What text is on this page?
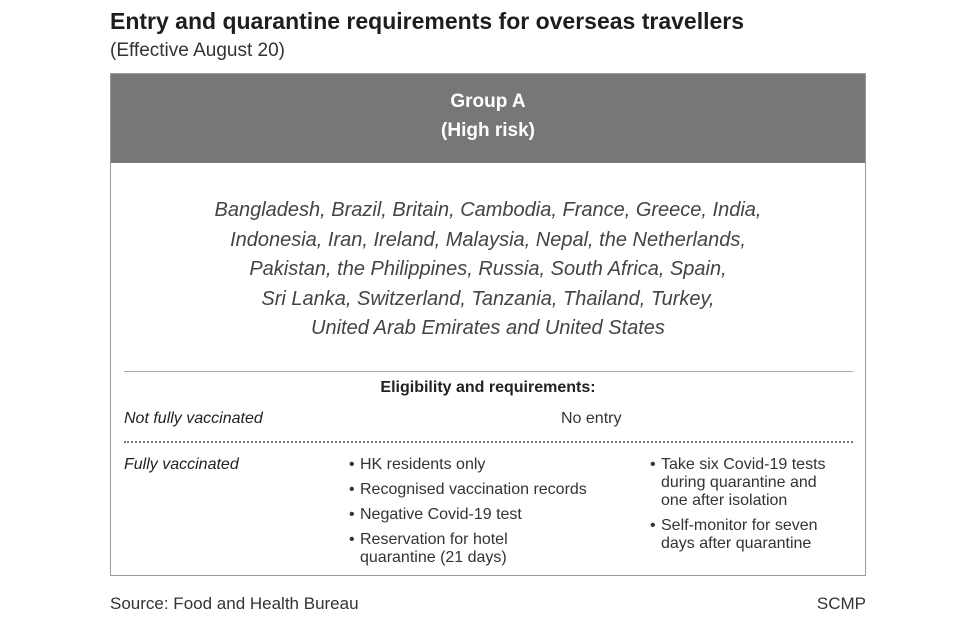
Entry and quarantine requirements for overseas travellers
(Effective August 20)
Group A
(High risk)
Bangladesh, Brazil, Britain, Cambodia, France, Greece, India,
Indonesia, Iran, Ireland, Malaysia, Nepal, the Netherlands,
Pakistan, the Philippines, Russia, South Africa, Spain,
Sri Lanka, Switzerland, Tanzania, Thailand, Turkey,
United Arab Emirates and United States
Eligibility and requirements:
Not fully vaccinated	No entry
Fully vaccinated
•	HK residents only
• Recognised vaccination records
• Negative Covid-19 test
• Reservation for hotel quarantine (21 days)
• Take six Covid-19 tests during quarantine and one after isolation
• Self-monitor for seven days after quarantine
Source: Food and Health Bureau	SCMP
